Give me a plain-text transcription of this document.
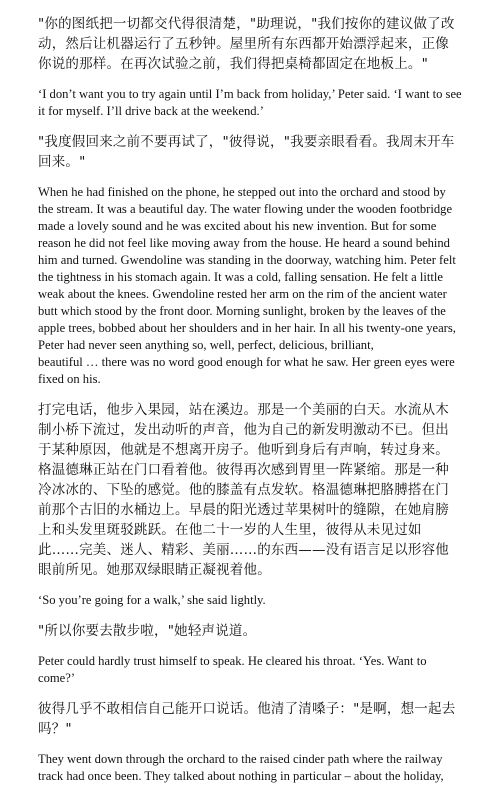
"你的图纸把一切都交代得很清楚，"助理说，"我们按你的建议做了改动，然后让机器运行了五秒钟。屋里所有东西都开始漂浮起来，正像你说的那样。在再次试验之前，我们得把桌椅都固定在地板上。"

‘I don’t want you to try again until I’m back from holiday,’ Peter said. ‘I want to see it for myself. I’ll drive back at the weekend.’

"我度假回来之前不要再试了，"彼得说，"我要亲眼看看。我周末开车回来。"

When he had finished on the phone, he stepped out into the orchard and stood by the stream. It was a beautiful day. The water flowing under the wooden footbridge made a lovely sound and he was excited about his new invention. But for some reason he did not feel like moving away from the house. He heard a sound behind him and turned. Gwendoline was standing in the doorway, watching him. Peter felt the tightness in his stomach again. It was a cold, falling sensation. He felt a little weak about the knees. Gwendoline rested her arm on the rim of the ancient water butt which stood by the front door. Morning sunlight, broken by the leaves of the apple trees, bobbed about her shoulders and in her hair. In all his twenty-one years, Peter had never seen anything so, well, perfect, delicious, brilliant,
beautiful … there was no word good enough for what he saw. Her green eyes were fixed on his.

打完电话，他步入果园，站在溪边。那是一个美丽的白天。水流从木制小桥下流过，发出动听的声音，他为自己的新发明激动不已。但出于某种原因，他就是不想离开房子。他听到身后有声响，转过身来。格温德琳正站在门口看着他。彼得再次感到胃里一阵紧缩。那是一种冷冰冰的、下坠的感觉。他的膝盖有点发软。格温德琳把胳膊搭在门前那个古旧的水桶边上。早晨的阳光透过苹果树叶的缝隙，在她肩膀上和头发里斑驳跳跃。在他二十一岁的人生里，彼得从未见过如此……完美、迷人、精彩、美丽……的东西——没有语言足以形容他眼前所见。她那双绿眼睛正凝视着他。

‘So you’re going for a walk,’ she said lightly.

"所以你要去散步啦，"她轻声说道。

Peter could hardly trust himself to speak. He cleared his throat. ‘Yes. Want to come?’

彼得几乎不敢相信自己能开口说话。他清了清嗓子："是啊，想一起去吗？"

They went down through the orchard to the raised cinder path where the railway track had once been. They talked about nothing in particular – about the holiday,
